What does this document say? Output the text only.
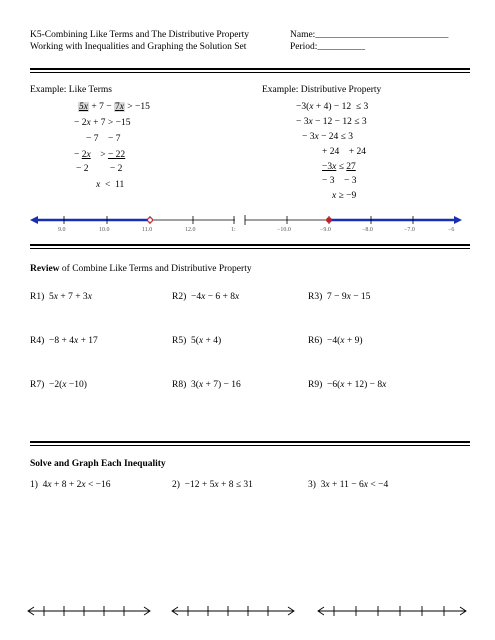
K5-Combining Like Terms and The Distributive Property
Working with Inequalities and Graphing the Solution Set
Name:____________________________
Period:__________
Example: Like Terms	Example: Distributive Property
5x + 7 − 7x > −15
− 2x + 7 > −15
− 7    − 7
− 2x    > − 22
− 2         − 2
x  <  11
−3(x + 4) − 12  ≤ 3
− 3x − 12 − 12 ≤ 3
− 3x − 24 ≤ 3
+ 24    + 24
−3x ≤ 27
− 3    − 3
x ≥ −9
9.0	10.0	11.0	12.0	1:	−10.0	−9.0	−8.0	−7.0	−6
Review of Combine Like Terms and Distributive Property
R1)  5x + 7 + 3x	R2)  −4x − 6 + 8x	R3)  7 − 9x − 15
R4)  −8 + 4x + 17	R5)  5(x + 4)	R6)  −4(x + 9)
R7)  −2(x −10)	R8)  3(x + 7) − 16	R9)  −6(x + 12) − 8x
Solve and Graph Each Inequality
1)  4x + 8 + 2x < −16	2)  −12 + 5x + 8 ≤ 31	3)  3x + 11 − 6x < −4
